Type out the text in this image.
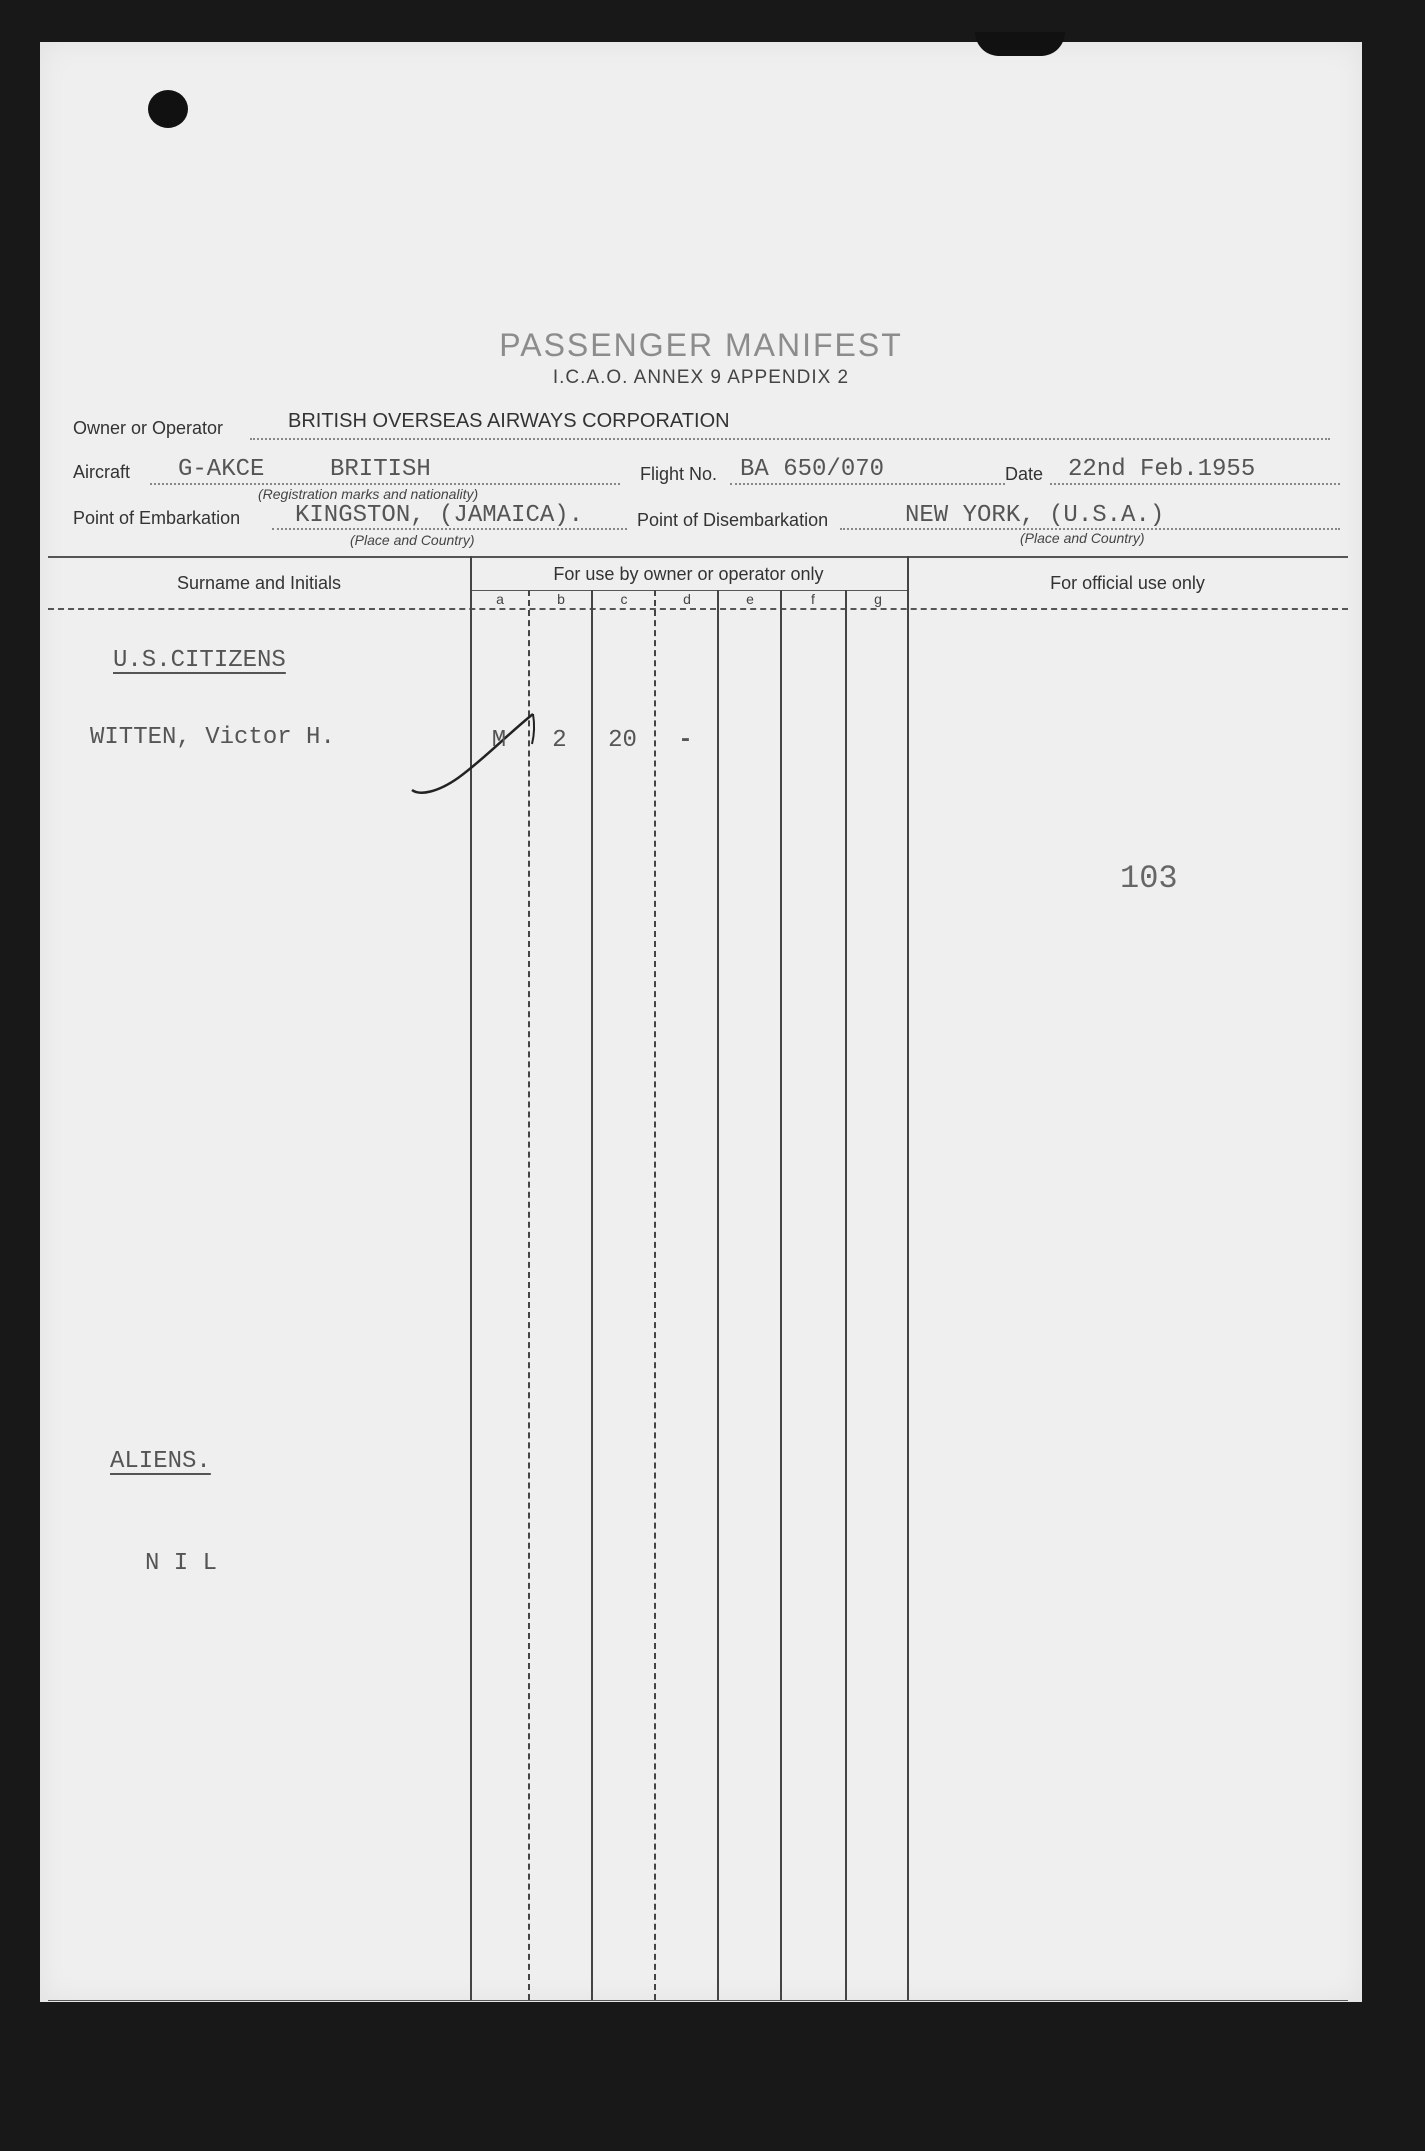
PASSENGER MANIFEST
I.C.A.O. ANNEX 9 APPENDIX 2
Owner or Operator	BRITISH OVERSEAS AIRWAYS CORPORATION
Aircraft G-AKCE	BRITISH
(Registration marks and nationality)
Flight No. BA 650/070	Date 22nd Feb.1955
Point of Embarkation KINGSTON, (JAMAICA).
(Place and Country)
Point of Disembarkation	NEW YORK, (U.S.A.)
(Place and Country)
Surname and Initials	For use by owner or operator only	For official use only
a	b	c	d	e	f	g
U.S.CITIZENS
WITTEN, Victor H.	M	2	20	-
103
ALIENS.
N I L
